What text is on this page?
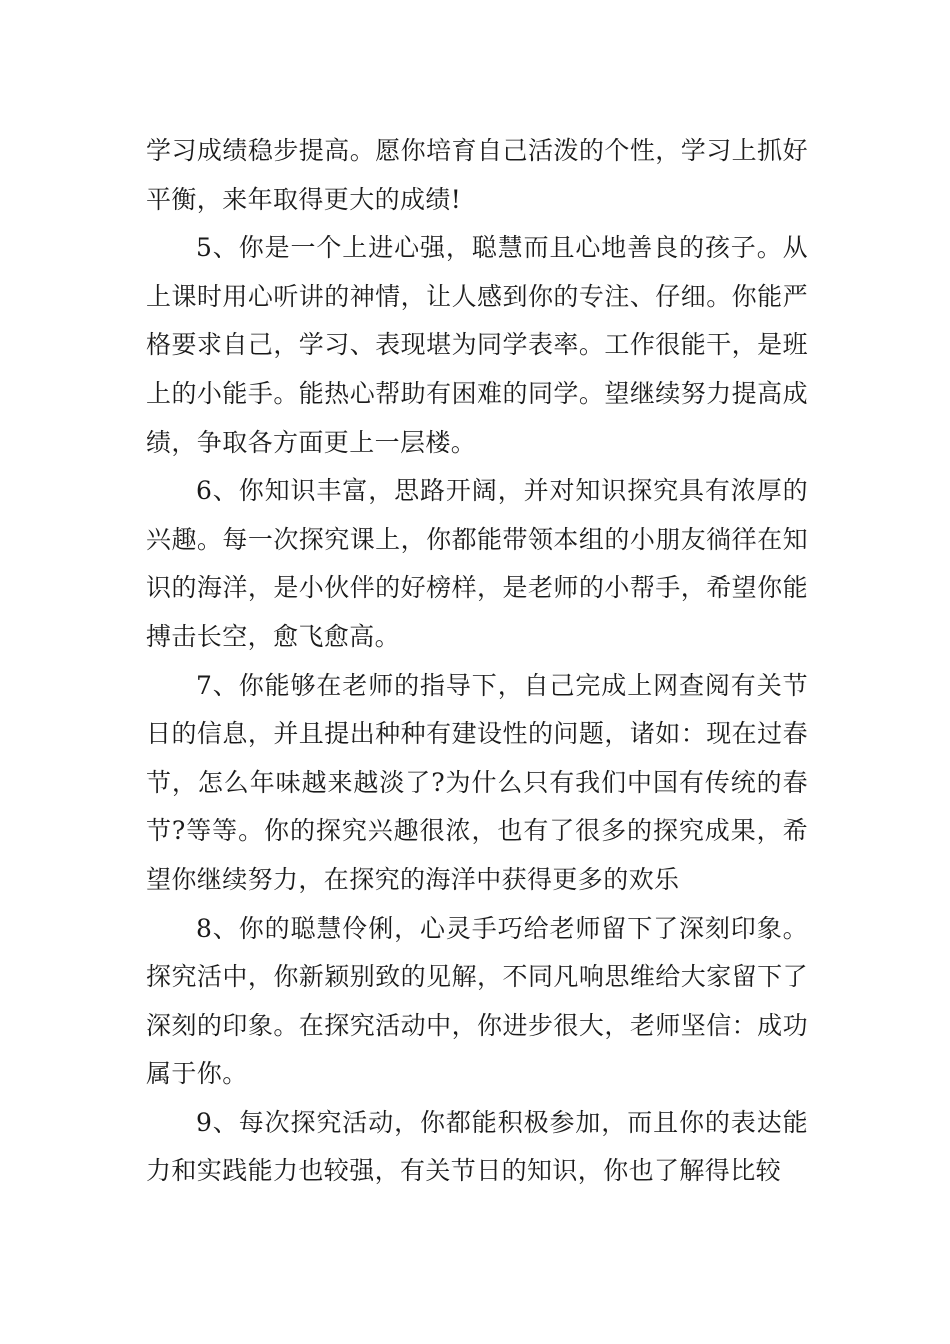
学习成绩稳步提高。愿你培育自己活泼的个性，学习上抓好平衡，来年取得更大的成绩!

5、你是一个上进心强，聪慧而且心地善良的孩子。从上课时用心听讲的神情，让人感到你的专注、仔细。你能严格要求自己，学习、表现堪为同学表率。工作很能干，是班上的小能手。能热心帮助有困难的同学。望继续努力提高成绩，争取各方面更上一层楼。

6、你知识丰富，思路开阔，并对知识探究具有浓厚的兴趣。每一次探究课上，你都能带领本组的小朋友徜徉在知识的海洋，是小伙伴的好榜样，是老师的小帮手，希望你能搏击长空，愈飞愈高。

7、你能够在老师的指导下，自己完成上网查阅有关节日的信息，并且提出种种有建设性的问题，诸如：现在过春节，怎么年味越来越淡了?为什么只有我们中国有传统的春节?等等。你的探究兴趣很浓，也有了很多的探究成果，希望你继续努力，在探究的海洋中获得更多的欢乐

8、你的聪慧伶俐，心灵手巧给老师留下了深刻印象。探究活中，你新颖别致的见解，不同凡响思维给大家留下了深刻的印象。在探究活动中，你进步很大，老师坚信：成功属于你。

9、每次探究活动，你都能积极参加，而且你的表达能力和实践能力也较强，有关节日的知识，你也了解得比较
